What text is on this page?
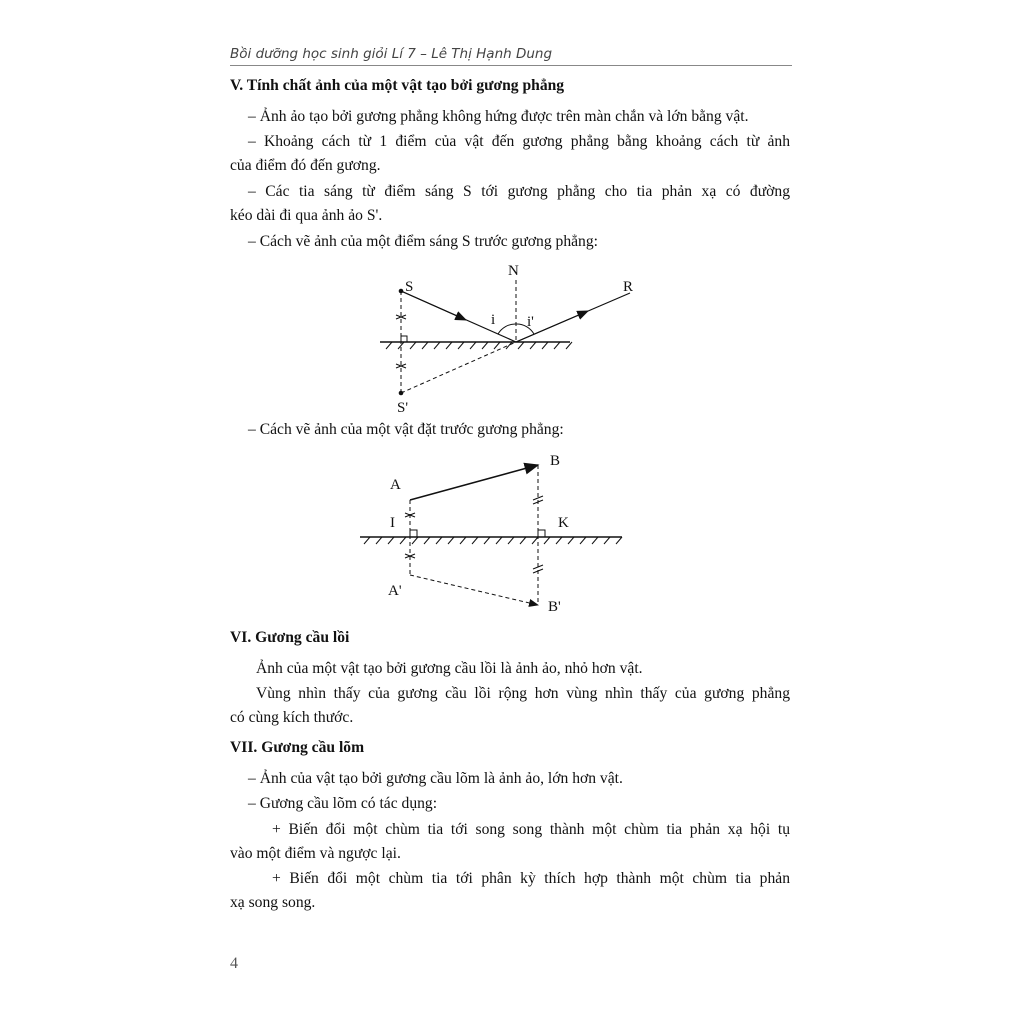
Bồi dưỡng học sinh giỏi Lí 7 – Lê Thị Hạnh Dung
V. Tính chất ảnh của một vật tạo bởi gương phẳng
– Ảnh ảo tạo bởi gương phẳng không hứng được trên màn chắn và lớn bằng vật.
– Khoảng cách từ 1 điểm của vật đến gương phẳng bằng khoảng cách từ ảnh
của điểm đó đến gương.
– Các tia sáng từ điểm sáng S tới gương phẳng cho tia phản xạ có đường
kéo dài đi qua ảnh ảo S'.
– Cách vẽ ảnh của một điểm sáng S trước gương phẳng:
S
N
R
i i'
S'
– Cách vẽ ảnh của một vật đặt trước gương phẳng:
A
B
I	K
A'
B'
VI. Gương cầu lồi
Ảnh của một vật tạo bởi gương cầu lồi là ảnh ảo, nhỏ hơn vật.
Vùng nhìn thấy của gương cầu lồi rộng hơn vùng nhìn thấy của gương phẳng
có cùng kích thước.
VII. Gương cầu lõm
– Ảnh của vật tạo bởi gương cầu lõm là ảnh ảo, lớn hơn vật.
– Gương cầu lõm có tác dụng:
+ Biến đổi một chùm tia tới song song thành một chùm tia phản xạ hội tụ
vào một điểm và ngược lại.
+ Biến đổi một chùm tia tới phân kỳ thích hợp thành một chùm tia phản
xạ song song.
4
